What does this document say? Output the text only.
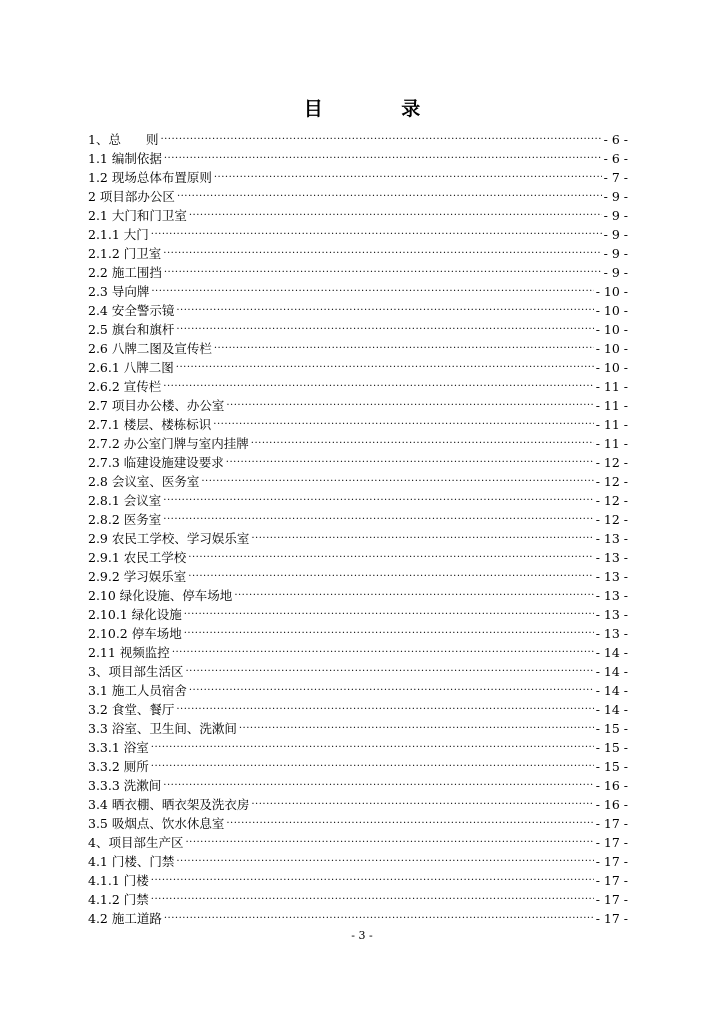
目 录
1、总　　则 .....	- 6 -
1.1 编制依据 .....	- 6 -
1.2 现场总体布置原则 .....	- 7 -
2 项目部办公区 .....	- 9 -
2.1 大门和门卫室 .....	- 9 -
2.1.1 大门 .....	- 9 -
2.1.2 门卫室 .....	- 9 -
2.2 施工围挡 .....	- 9 -
2.3 导向牌 .....	- 10 -
2.4 安全警示镜 .....	- 10 -
2.5 旗台和旗杆 .....	- 10 -
2.6 八牌二图及宣传栏 .....	- 10 -
2.6.1 八牌二图 .....	- 10 -
2.6.2 宣传栏 .....	- 11 -
2.7 项目办公楼、办公室 .....	- 11 -
2.7.1 楼层、楼栋标识 .....	- 11 -
2.7.2 办公室门牌与室内挂牌 .....	- 11 -
2.7.3 临建设施建设要求 .....	- 12 -
2.8 会议室、医务室 .....	- 12 -
2.8.1 会议室 .....	- 12 -
2.8.2 医务室 .....	- 12 -
2.9 农民工学校、学习娱乐室 .....	- 13 -
2.9.1 农民工学校 .....	- 13 -
2.9.2 学习娱乐室 .....	- 13 -
2.10 绿化设施、停车场地 .....	- 13 -
2.10.1 绿化设施 .....	- 13 -
2.10.2 停车场地 .....	- 13 -
2.11 视频监控 .....	- 14 -
3、项目部生活区 .....	- 14 -
3.1 施工人员宿舍 .....	- 14 -
3.2 食堂、餐厅 .....	- 14 -
3.3 浴室、卫生间、洗漱间 .....	- 15 -
3.3.1 浴室 .....	- 15 -
3.3.2 厕所 .....	- 15 -
3.3.3 洗漱间 .....	- 16 -
3.4 晒衣棚、晒衣架及洗衣房 .....	- 16 -
3.5 吸烟点、饮水休息室 .....	- 17 -
4、项目部生产区 .....	- 17 -
4.1 门楼、门禁 .....	- 17 -
4.1.1 门楼 .....	- 17 -
4.1.2 门禁 .....	- 17 -
4.2 施工道路 .....	- 17 -
- 3 -
